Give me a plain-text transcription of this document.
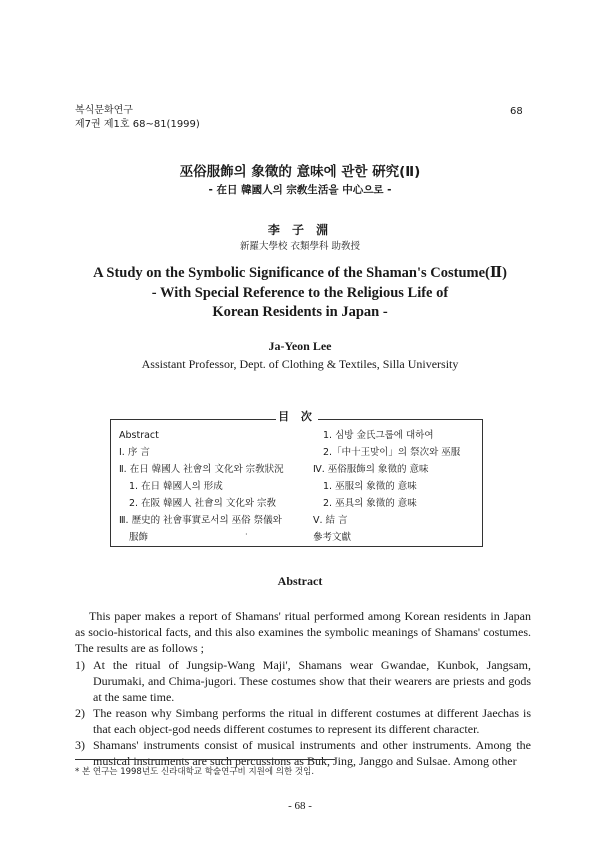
복식문화연구
제7권 제1호 68~81(1999)
68
巫俗服飾의 象徵的 意味에 관한 硏究(Ⅱ)
- 在日 韓國人의 宗敎生活을 中心으로 -
李 子 淵
新羅大學校 衣類學科 助敎授
A Study on the Symbolic Significance of the Shaman's Costume(Ⅱ)
- With Special Reference to the Religious Life of
Korean Residents in Japan -
Ja-Yeon Lee
Assistant Professor, Dept. of Clothing & Textiles, Silla University
目 次
Abstract
Ⅰ. 序 言
Ⅱ. 在日 韓國人 社會의 文化와 宗敎狀況
1. 在日 韓國人의 形成
2. 在阪 韓國人 社會의 文化와 宗敎
Ⅲ. 歷史的 社會事實로서의 巫俗 祭儀와
服飾
1. 심방 金氏그룹에 대하여
2.「中十王맞이」의 祭次와 巫服
Ⅳ. 巫俗服飾의 象徵的 意味
1. 巫服의 象徵的 意味
2. 巫具의 象徵的 意味
Ⅴ. 結 言
參考文獻
·
Abstract

This paper makes a report of Shamans' ritual performed among Korean residents in Japan as socio-historical facts, and this also examines the symbolic meanings of Shamans' costumes. The results are as follows ;

1) At the ritual of Jungsip-Wang Maji', Shamans wear Gwandae, Kunbok, Jangsam, Durumaki, and Chima-jugori. These costumes show that their wearers are priests and gods at the same time.
2) The reason why Simbang performs the ritual in different costumes at different Jaechas is that each object-god needs different costumes to represent its different character.
3) Shamans' instruments consist of musical instruments and other instruments. Among the musical instruments are such percussions as Buk, Jing, Janggo and Sulsae. Among other
* 본 연구는 1998년도 신라대학교 학술연구비 지원에 의한 것임.
- 68 -
